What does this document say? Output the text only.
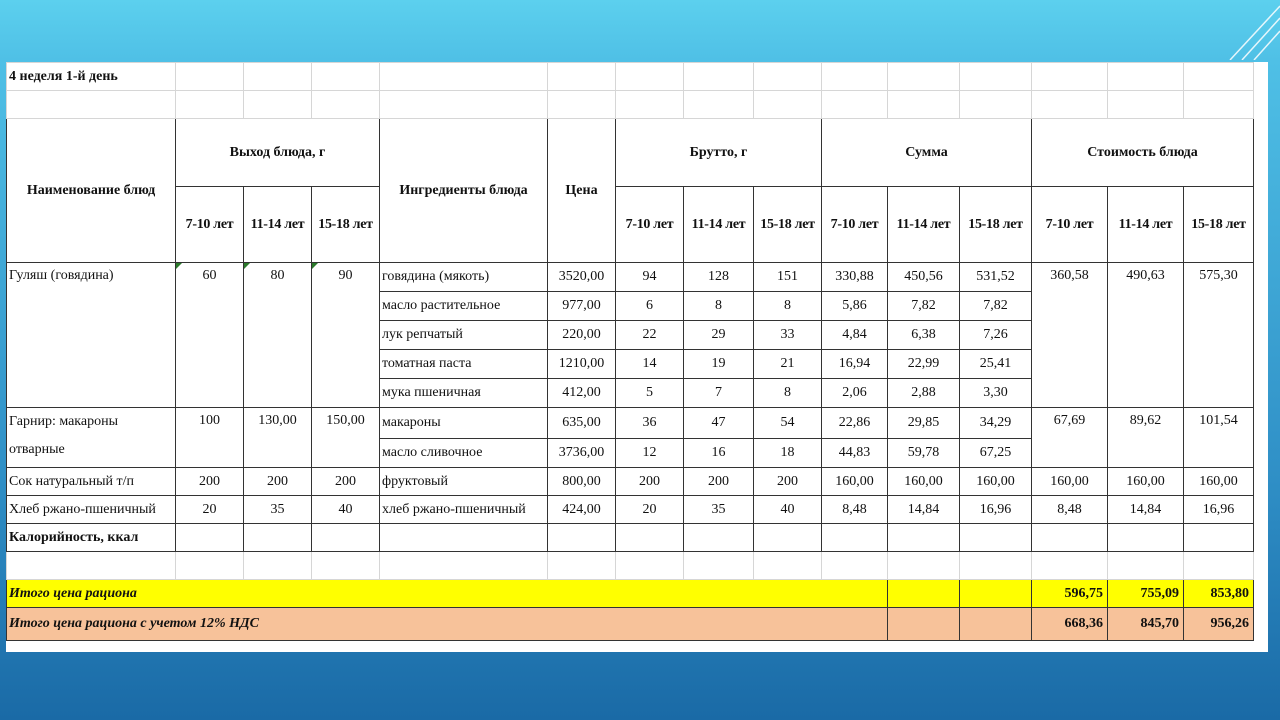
4 неделя 1-й день														

Наименование блюд	Выход блюда, г			Ингредиенты блюда	Цена	Брутто, г			Сумма			Стоимость блюда		
	7-10 лет	11-14 лет	15-18 лет			7-10 лет	11-14 лет	15-18 лет	7-10 лет	11-14 лет	15-18 лет	7-10 лет	11-14 лет	15-18 лет
Гуляш (говядина)	60	80	90	говядина (мякоть)	3520,00	94	128	151	330,88	450,56	531,52	360,58	490,63	575,30
				масло растительное	977,00	6	8	8	5,86	7,82	7,82			
				лук репчатый	220,00	22	29	33	4,84	6,38	7,26			
				томатная паста	1210,00	14	19	21	16,94	22,99	25,41			
				мука пшеничная	412,00	5	7	8	2,06	2,88	3,30			
Гарнир: макароны отварные	100	130,00	150,00	макароны	635,00	36	47	54	22,86	29,85	34,29	67,69	89,62	101,54
				масло сливочное	3736,00	12	16	18	44,83	59,78	67,25			
Сок натуральный т/п	200	200	200	фруктовый	800,00	200	200	200	160,00	160,00	160,00	160,00	160,00	160,00
Хлеб ржано-пшеничный	20	35	40	хлеб ржано-пшеничный	424,00	20	35	40	8,48	14,84	16,96	8,48	14,84	16,96
Калорийность, ккал														

Итого цена рациона												596,75	755,09	853,80
Итого цена рациона с учетом 12% НДС												668,36	845,70	956,26
